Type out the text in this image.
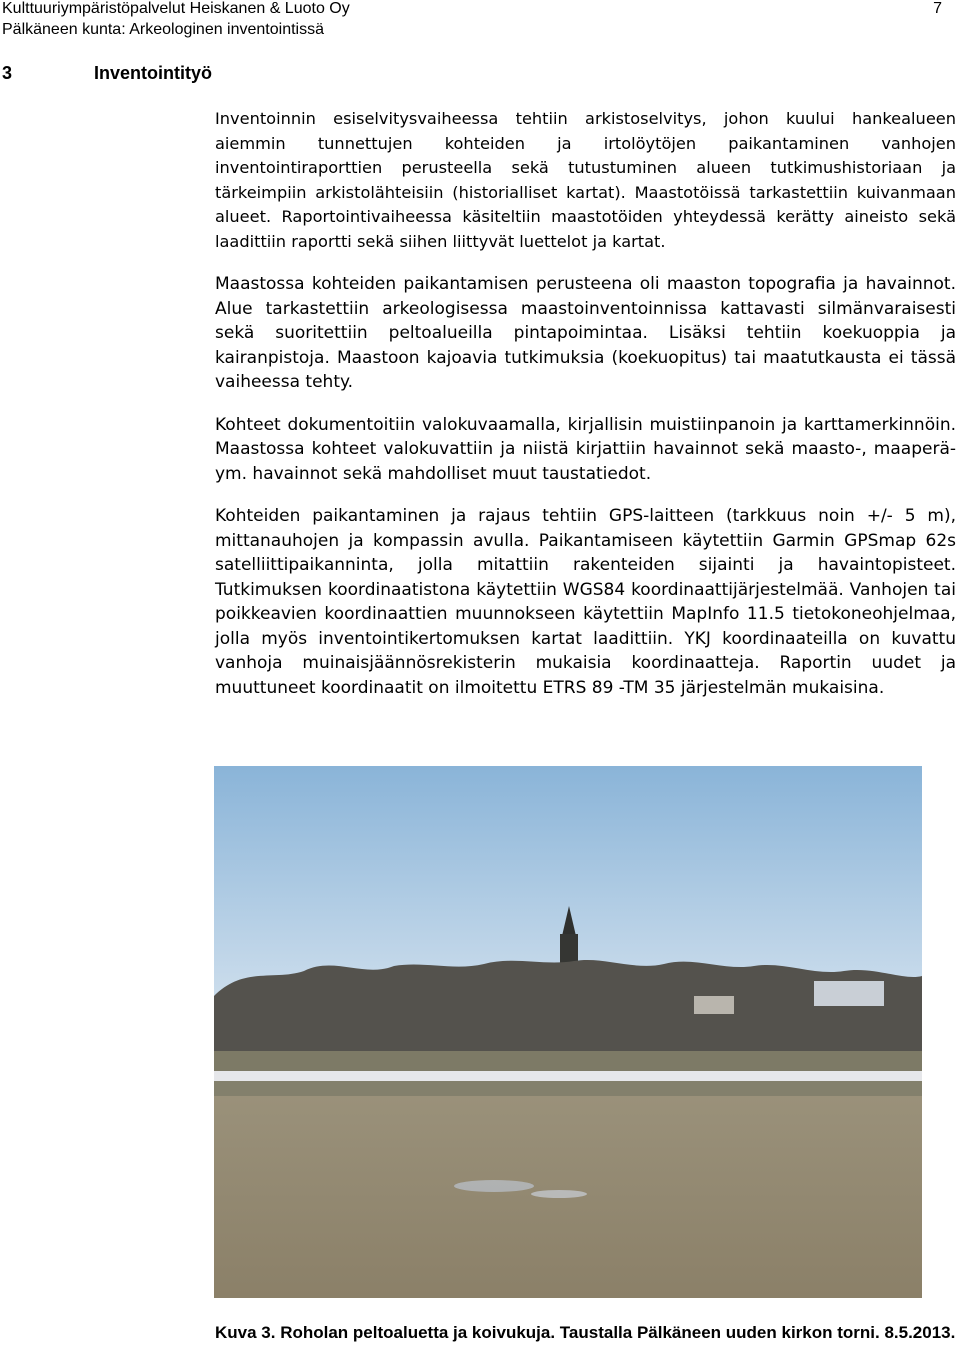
Kulttuuriympäristöpalvelut Heiskanen & Luoto Oy
Pälkäneen kunta: Arkeologinen inventointissä
7
3	Inventointityö

Inventoinnin esiselvitysvaiheessa tehtiin arkistoselvitys, johon kuului hankealueen aiemmin tunnettujen kohteiden ja irtolöytöjen paikantaminen vanhojen inventointiraporttien perusteella sekä tutustuminen alueen tutkimushistoriaan ja tärkeimpiin arkistolähteisiin (historialliset kartat). Maastotöissä tarkastettiin kuivanmaan alueet. Raportointivaiheessa käsiteltiin maastotöiden yhteydessä kerätty aineisto sekä laadittiin raportti sekä siihen liittyvät luettelot ja kartat.

Maastossa kohteiden paikantamisen perusteena oli maaston topografia ja havainnot. Alue tarkastettiin arkeologisessa maastoinventoinnissa kattavasti silmänvaraisesti sekä suoritettiin peltoalueilla pintapoimintaa. Lisäksi tehtiin koekuoppia ja kairanpistoja. Maastoon kajoavia tutkimuksia (koekuopitus) tai maatutkausta ei tässä vaiheessa tehty.

Kohteet dokumentoitiin valokuvaamalla, kirjallisin muistiinpanoin ja karttamerkinnöin. Maastossa kohteet valokuvattiin ja niistä kirjattiin havainnot sekä maasto-, maaperä- ym. havainnot sekä mahdolliset muut taustatiedot.

Kohteiden paikantaminen ja rajaus tehtiin GPS-laitteen (tarkkuus noin +/- 5 m), mittanauhojen ja kompassin avulla. Paikantamiseen käytettiin Garmin GPSmap 62s satelliittipaikanninta, jolla mitattiin rakenteiden sijainti ja havaintopisteet. Tutkimuksen koordinaatistona käytettiin WGS84 koordinaattijärjestelmää. Vanhojen tai poikkeavien koordinaattien muunnokseen käytettiin MapInfo 11.5 tietokoneohjelmaa, jolla myös inventointikertomuksen kartat laadittiin. YKJ koordinaateilla on kuvattu vanhoja muinaisjäännösrekisterin mukaisia koordinaatteja. Raportin uudet ja muuttuneet koordinaatit on ilmoitettu ETRS 89 -TM 35 järjestelmän mukaisina.

Kuva 3. Roholan peltoaluetta ja koivukuja. Taustalla Pälkäneen uuden kirkon torni. 8.5.2013.
